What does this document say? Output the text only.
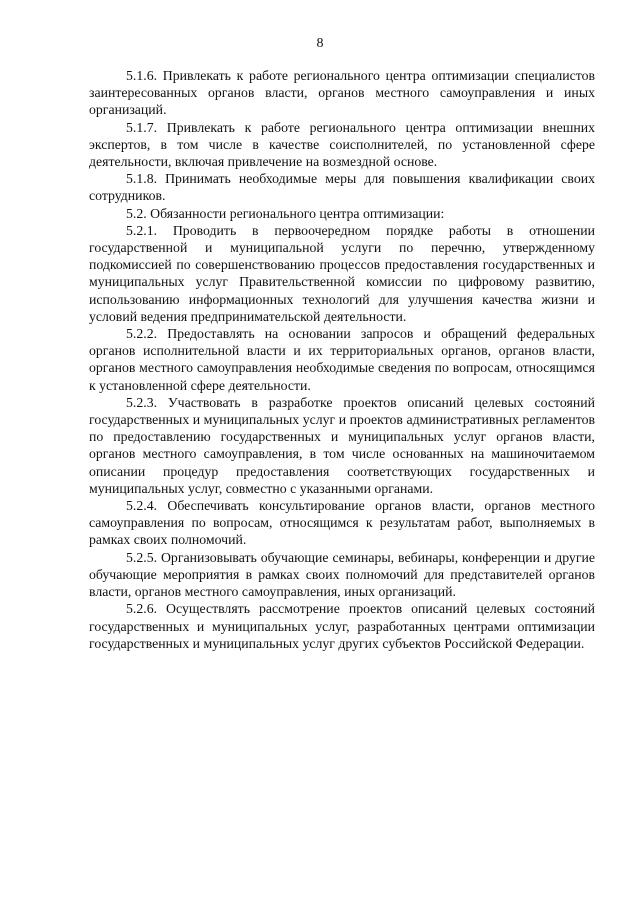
8

5.1.6. Привлекать к работе регионального центра оптимизации специалистов заинтересованных органов власти, органов местного самоуправления и иных организаций.

5.1.7. Привлекать к работе регионального центра оптимизации внешних экспертов, в том числе в качестве соисполнителей, по установленной сфере деятельности, включая привлечение на возмездной основе.

5.1.8. Принимать необходимые меры для повышения квалификации своих сотрудников.

5.2. Обязанности регионального центра оптимизации:

5.2.1. Проводить в первоочередном порядке работы в отношении государственной и муниципальной услуги по перечню, утвержденному подкомиссией по совершенствованию процессов предоставления государственных и муниципальных услуг Правительственной комиссии по цифровому развитию, использованию информационных технологий для улучшения качества жизни и условий ведения предпринимательской деятельности.

5.2.2. Предоставлять на основании запросов и обращений федеральных органов исполнительной власти и их территориальных органов, органов власти, органов местного самоуправления необходимые сведения по вопросам, относящимся к установленной сфере деятельности.

5.2.3. Участвовать в разработке проектов описаний целевых состояний государственных и муниципальных услуг и проектов административных регламентов по предоставлению государственных и муниципальных услуг органов власти, органов местного самоуправления, в том числе основанных на машиночитаемом описании процедур предоставления соответствующих государственных и муниципальных услуг, совместно с указанными органами.

5.2.4. Обеспечивать консультирование органов власти, органов местного самоуправления по вопросам, относящимся к результатам работ, выполняемых в рамках своих полномочий.

5.2.5. Организовывать обучающие семинары, вебинары, конференции и другие обучающие мероприятия в рамках своих полномочий для представителей органов власти, органов местного самоуправления, иных организаций.

5.2.6. Осуществлять рассмотрение проектов описаний целевых состояний государственных и муниципальных услуг, разработанных центрами оптимизации государственных и муниципальных услуг других субъектов Российской Федерации.
